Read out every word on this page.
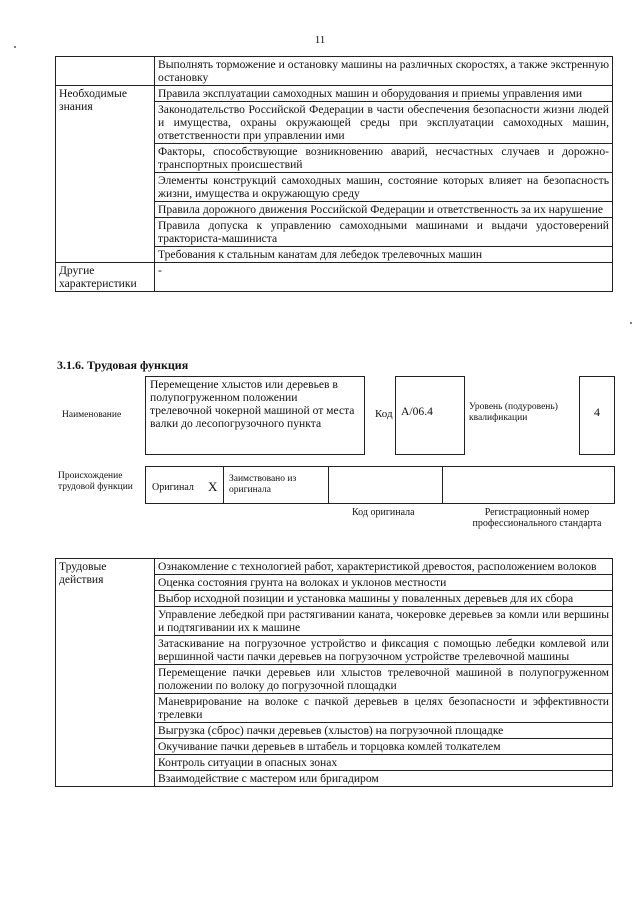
11
	Выполнять торможение и остановку машины на различных скоростях, а также экстренную остановку
Необходимые знания	Правила эксплуатации самоходных машин и оборудования и приемы управления ими
	Законодательство Российской Федерации в части обеспечения безопасности жизни людей и имущества, охраны окружающей среды при эксплуатации самоходных машин, ответственности при управлении ими
	Факторы, способствующие возникновению аварий, несчастных случаев и дорожно-транспортных происшествий
	Элементы конструкций самоходных машин, состояние которых влияет на безопасность жизни, имущества и окружающую среду
	Правила дорожного движения Российской Федерации и ответственность за их нарушение
	Правила допуска к управлению самоходными машинами и выдачи удостоверений тракториста-машиниста
	Требования к стальным канатам для лебедок трелевочных машин
Другие характеристики	-
3.1.6. Трудовая функция
Наименование
Перемещение хлыстов или деревьев в полупогруженном положении трелевочной чокерной машиной от места валки до лесопогрузочного пункта
Код А/06.4	Уровень (подуровень) квалификации	4
Происхождение трудовой функции	Оригинал X Заимствовано из оригинала
Код оригинала	Регистрационный номер профессионального стандарта
Трудовые действия	Ознакомление с технологией работ, характеристикой древостоя, расположением волоков
Оценка состояния грунта на волоках и уклонов местности
Выбор исходной позиции и установка машины у поваленных деревьев для их сбора
Управление лебедкой при растягивании каната, чокеровке деревьев за комли или вершины и подтягивании их к машине
Затаскивание на погрузочное устройство и фиксация с помощью лебедки комлевой или вершинной части пачки деревьев на погрузочном устройстве трелевочной машины
Перемещение пачки деревьев или хлыстов трелевочной машиной в полупогруженном положении по волоку до погрузочной площадки
Маневрирование на волоке с пачкой деревьев в целях безопасности и эффективности трелевки
Выгрузка (сброс) пачки деревьев (хлыстов) на погрузочной площадке
Окучивание пачки деревьев в штабель и торцовка комлей толкателем
Контроль ситуации в опасных зонах
Взаимодействие с мастером или бригадиром
